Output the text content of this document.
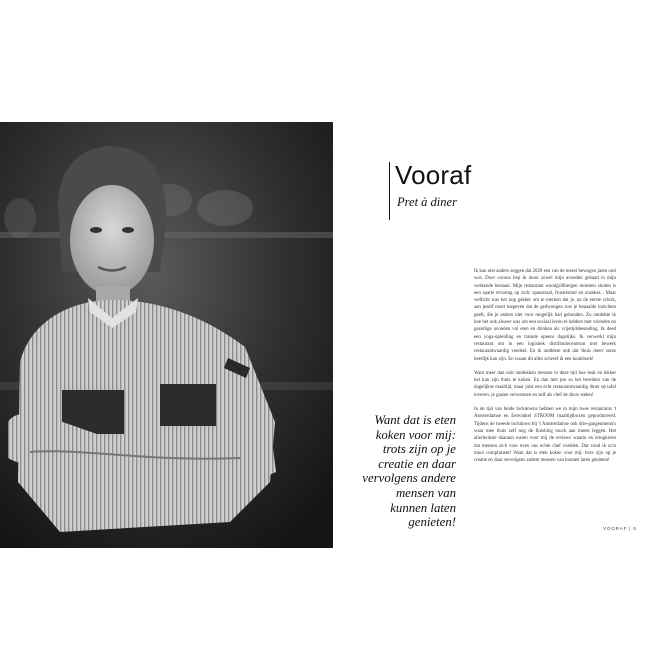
Vooraf
Pret à diner
Want dat is eten koken voor mij: trots zijn op je creatie en daar vervolgens andere mensen van kunnen laten genieten!

Ik kan niet anders zeggen dat 2020 een van de meest bewogen jaren ooit was. Door corona liep ik mooi zowel mijn avonden gebaad in mijn werkende bestaan. Mijn restaurant woodgrillbergen moesten sluiten is een sparte ervaring op zich: spanstraal, frustrerend en onzeker... Maar wellicht was het nog gekker om te merken dat je, na de eerste schrik, aan jezelf moet toegeven dat de gedwongen rust je bepaalde inzichten geeft, die je anders niet voor mogelijk had gehouden. Zo ontdekte ik hoe het ook alweer was om een sociaal leven te hebben met vrienden en gezellige avonden vol eten en drinken als vrijetijdsbesteding. Ik deed een yoga-opleiding en trainde opeens dagelijks. Ik verwerkt mijn restaurant om in een logistiek distributiecentrum met bewerk restaurantwaardig voedsel. En ik ontdekte ook dat 'thuis doen' soms heerlijk kan zijn. En waant dit alles schreef ik een kookboek!

Want meer dan ooit ontdekken mensen in deze tijd hoe leuk en lekker het kan zijn thuis te koken. En dan met pre so het bereiden van de dagelijkse maaltijd, maar juist een echt restaurantwaardig diner op tafel toveren: je gasten verwennen en zelf als chef de show stelen!

In de tijd van beide lockdowns hebben we in mijn twee restaurants 't Amsterdamse en Eetwinkel STROOM maaltijdboxen geproduceerd. Tijdens de tweede lockdown bij 't Amsterdamse ook drie-gangenmenu's waar mee thuis zelf nog de finishing touch aan moest leggen. Het allerleukste daaraan waren voor mij de reviews waarin en terugkeren dat mensen zich voor even ons echte chef voelden. Dat vond ik zo'n mooi compliment! Want dat is eten koken voor mij: trots zijn op je creatie en daar vervolgens andere mensen van kunnen laten genieten!

VOORAF | 5
